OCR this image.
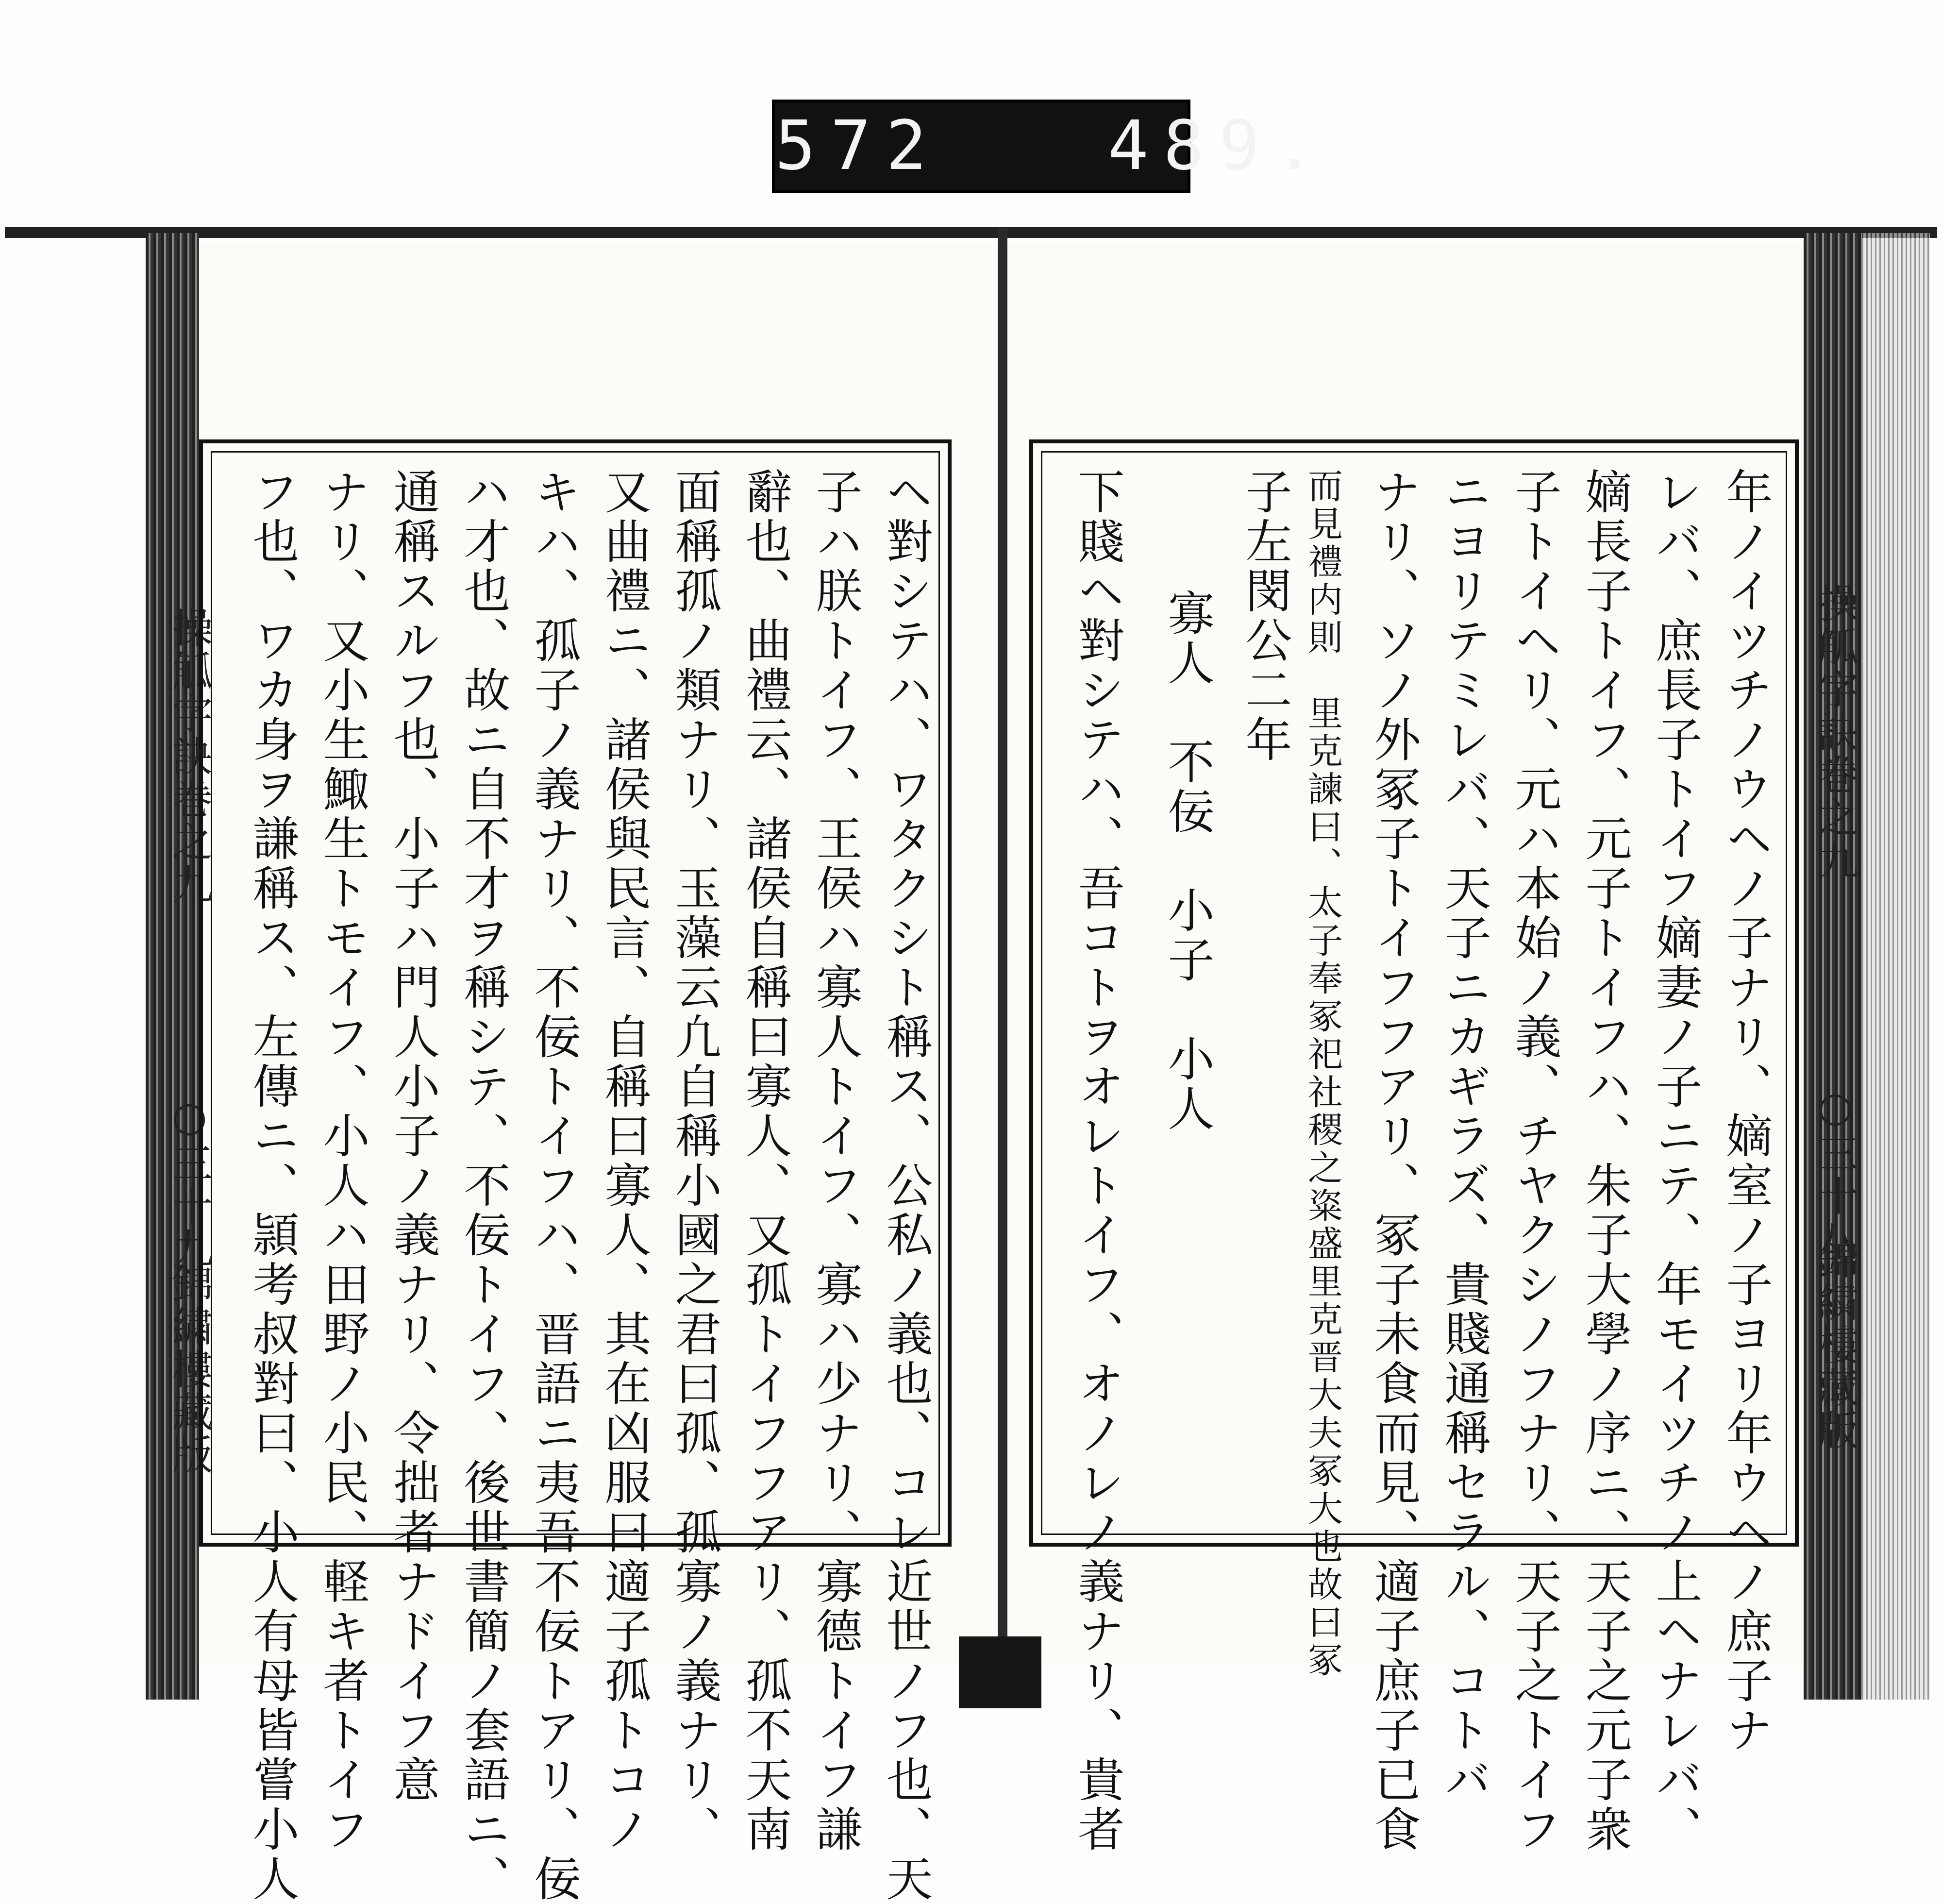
572   489.
操觚字訣巻之九
○三十九
錦繍樓藏版
操觚字訣巻之九
○三十八
錦繍樓藏版
ヘ對シテハ、ワタクシト稱ス、公私ノ義也、コレ近世ノフ也、天
子ハ朕トイフ、王侯ハ寡人トイフ、寡ハ少ナリ、寡德トイフ謙
辭也、曲禮云、諸侯自稱曰寡人、又孤トイフフアリ、孤不天南
面稱孤ノ類ナリ、玉藻云凢自稱小國之君曰孤、孤寡ノ義ナリ、
又曲禮ニ、諸侯與民言、自稱曰寡人、其在凶服曰適子孤トコノ
キハ、孤子ノ義ナリ、不佞トイフハ、晋語ニ夷吾不佞トアリ、佞
ハ才也、故ニ自不才ヲ稱シテ、不佞トイフ、後世書簡ノ套語ニ、
通稱スルフ也、小子ハ門人小子ノ義ナリ、令拙者ナドイフ意
ナリ、又小生鯫生トモイフ、小人ハ田野ノ小民、軽キ者トイフ
フ也、ワカ身ヲ謙稱ス、左傳ニ、頴考叔對曰、小人有母皆嘗小人	年ノイツチノウヘノ子ナリ、嫡室ノ子ヨリ年ウヘノ庶子ナ
レバ、庶長子トイフ嫡妻ノ子ニテ、年モイツチノ上ヘナレバ、
嫡長子トイフ、元子トイフハ、朱子大學ノ序ニ、天子之元子衆
子トイヘリ、元ハ本始ノ義、チヤクシノフナリ、天子之トイフ
ニヨリテミレバ、天子ニカギラズ、貴賤通稱セラル、コトバ
ナリ、ソノ外冢子トイフフアリ、冢子未食而見、適子庶子已食
而見禮内則　里克諫曰、太子奉冢祀社稷之粢盛里克晋大夫冢大也故曰冢
子左閔公二年
寡人　不佞　小子　小人
下賤ヘ對シテハ、吾コトヲオレトイフ、オノレノ義ナリ、貴者
